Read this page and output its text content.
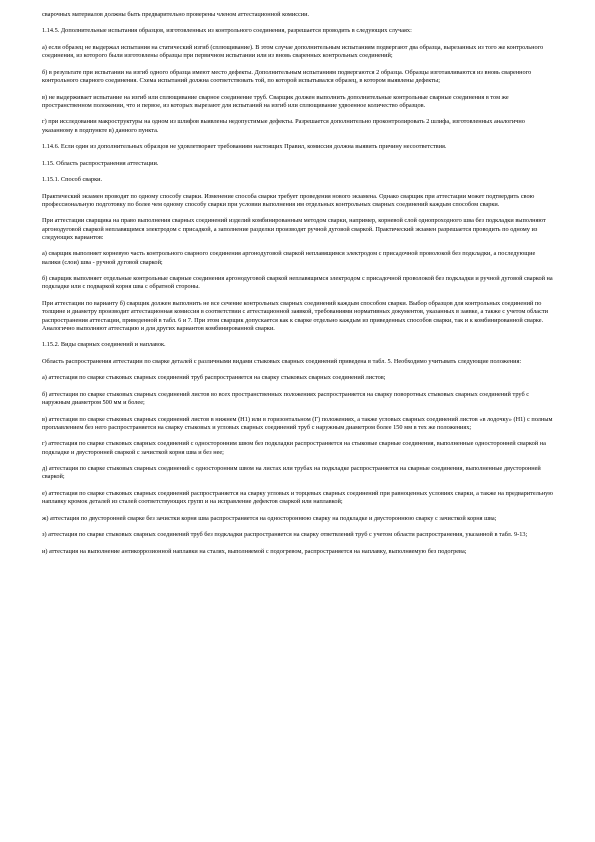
сварочных материалов должны быть предварительно проверены членом аттестационной комиссии.

1.14.5. Дополнительные испытания образцов, изготовленных из контрольного соединения, разрешается проводить в следующих случаях:

а) если образец не выдержал испытания на статический изгиб (сплющивание). В этом случае дополнительным испытаниям подвергают два образца, вырезанных из того же контрольного соединения, из которого были изготовлены образцы при первичном испытании или из вновь сваренных контрольных соединений;

б) в результате при испытании на изгиб одного образца имеют место дефекты. Дополнительным испытаниям подвергаются 2 образца. Образцы изготавливаются из вновь сваренного контрольного сварного соединения. Схема испытаний должна соответствовать той, по которой испытывался образец, в котором выявлены дефекты;

в) не выдерживает испытание на изгиб или сплющивание сварное соединение труб. Сварщик должен выполнить дополнительные контрольные сварные соединения в том же пространственном положении, что и первое, из которых вырезают для испытаний на изгиб или сплющивание удвоенное количество образцов.

г) при исследовании макроструктуры на одном из шлифов выявлены недопустимые дефекты. Разрешается дополнительно проконтролировать 2 шлифа, изготовленных аналогично указанному в подпункте в) данного пункта.

1.14.6. Если один из дополнительных образцов не удовлетворяет требованиям настоящих Правил, комиссия должна выявить причину несоответствия.

1.15. Область распространения аттестации.

1.15.1. Способ сварки.

Практический экзамен проводят по одному способу сварки. Изменение способа сварки требует проведения нового экзамена. Однако сварщик при аттестации может подтвердить свою профессиональную подготовку по более чем одному способу сварки при условии выполнения им отдельных контрольных сварных соединений каждым способом сварки.

При аттестации сварщика на право выполнения сварных соединений изделий комбинированным методом сварки, например, корневой слой однопроходного шва без подкладки выполняют аргонодуговой сваркой неплавящимся электродом с присадкой, а заполнение разделки производят ручной дуговой сваркой. Практический экзамен разрешается проводить по одному из следующих вариантов:

а) сварщик выполняет корневую часть контрольного сварного соединения аргонодуговой сваркой неплавящимся электродом с присадочной проволокой без подкладки, а последующие валики (слои) шва - ручной дуговой сваркой;

б) сварщик выполняет отдельные контрольные сварные соединения аргонодуговой сваркой неплавящимся электродом с присадочной проволокой без подкладки и ручной дуговой сваркой на подкладке или с подваркой корня шва с обратной стороны.

При аттестации по варианту б) сварщик должен выполнить не все сечение контрольных сварных соединений каждым способом сварки. Выбор образцов для контрольных соединений по толщине и диаметру производит аттестационная комиссия в соответствии с аттестационной заявкой, требованиями нормативных документов, указанных в заявке, а также с учетом области распространения аттестации, приведенной в табл. 6 и 7. При этом сварщик допускается как к сварке отдельно каждым из приведенных способов сварки, так и к комбинированной сварке. Аналогично выполняют аттестацию и для других вариантов комбинированной сварки.

1.15.2. Виды сварных соединений и наплавок.

Область распространения аттестации по сварке деталей с различными видами стыковых сварных соединений приведена в табл. 5. Необходимо учитывать следующие положения:

а) аттестация по сварке стыковых сварных соединений труб распространяется на сварку стыковых сварных соединений листов;

б) аттестация по сварке стыковых сварных соединений листов во всех пространственных положениях распространяется на сварку поворотных стыковых сварных соединений труб с наружным диаметром 500 мм и более;

в) аттестация по сварке стыковых сварных соединений листов в нижнем (Н1) или в горизонтальном (Г) положениях, а также угловых сварных соединений листов «в лодочку» (Н1) с полным проплавлением без него распространяется на сварку стыковых и угловых сварных соединений труб с наружным диаметром более 150 мм в тех же положениях;

г) аттестация по сварке стыковых сварных соединений с односторонним швом без подкладки распространяется на стыковые сварные соединения, выполненные односторонней сваркой на подкладке и двусторонней сваркой с зачисткой корня шва и без нее;

д) аттестация по сварке стыковых сварных соединений с односторонним швом на листах или трубах на подкладке распространяется на сварные соединения, выполненные двусторонней сваркой;

е) аттестация по сварке стыковых сварных соединений распространяется на сварку угловых и торцевых сварных соединений при равноценных условиях сварки, а также на предварительную наплавку кромок деталей из сталей соответствующих групп и на исправление дефектов сваркой или наплавкой;

ж) аттестация по двусторонней сварке без зачистки корня шва распространяется на одностороннюю сварку на подкладке и двустороннюю сварку с зачисткой корня шва;

з) аттестация по сварке стыковых сварных соединений труб без подкладки распространяется на сварку ответвлений труб с учетом области распространения, указанной в табл. 9-13;

и) аттестация на выполнение антикоррозионной наплавки на сталях, выполняемой с подогревом, распространяется на наплавку, выполняемую без подогрева;
